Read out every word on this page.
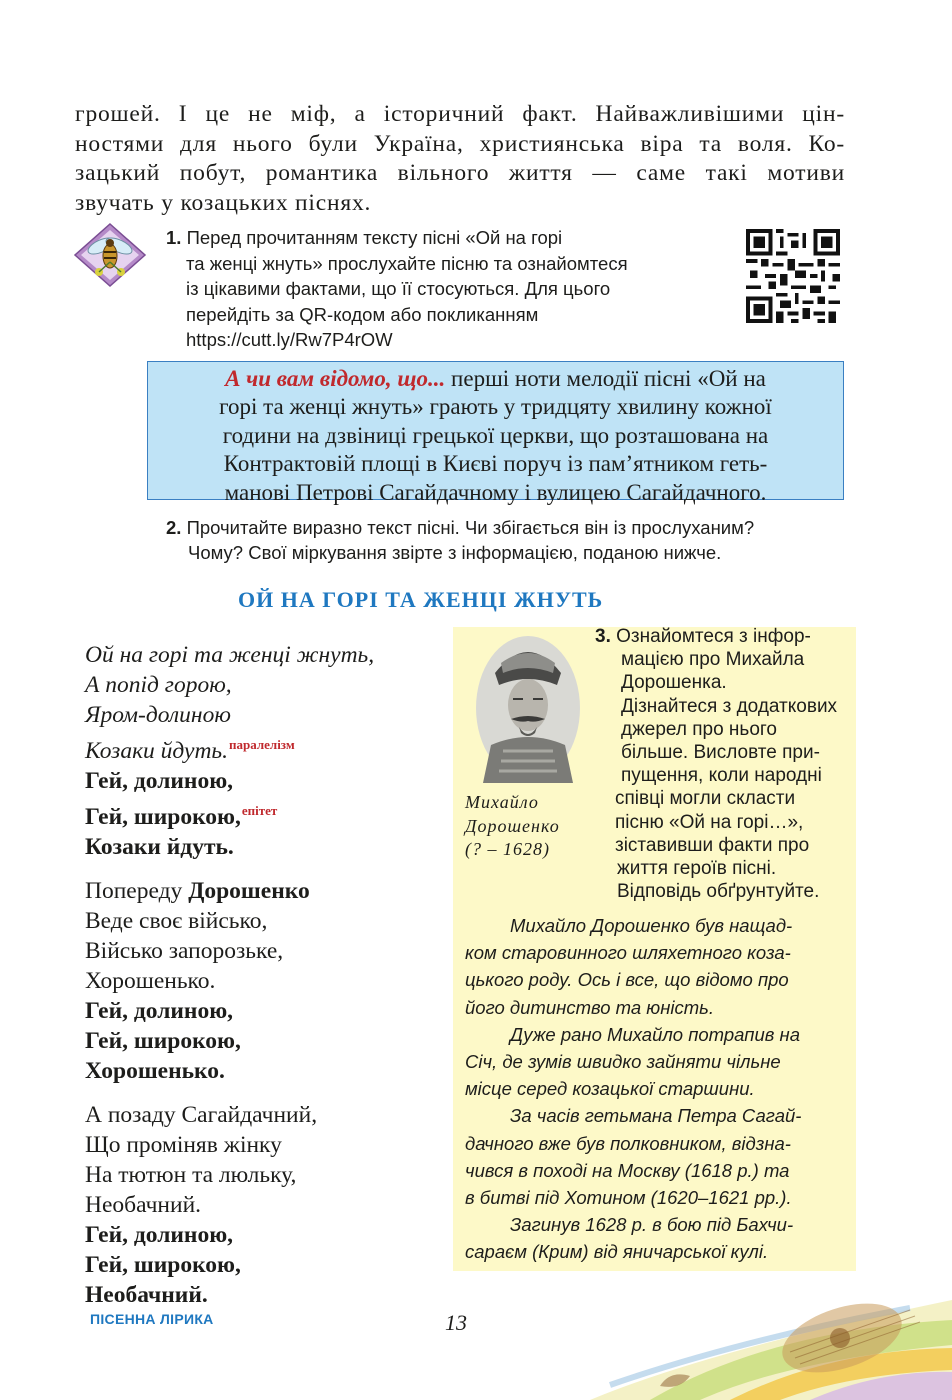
грошей. І це не міф, а історичний факт. Найважливішими цін-
ностями для нього були Україна, християнська віра та воля. Ко-
зацький побут, романтика вільного життя — саме такі мотиви
звучать у козацьких піснях.
1. Перед прочитанням тексту пісні «Ой на горі
та женці жнуть» прослухайте пісню та ознайомтеся
із цікавими фактами, що її стосуються. Для цього
перейдіть за QR-кодом або покликанням
https://cutt.ly/Rw7P4rOW
А чи вам відомо, що... перші ноти мелодії пісні «Ой на
горі та женці жнуть» грають у тридцяту хвилину кожної
години на дзвіниці грецької церкви, що розташована на
Контрактовій площі в Києві поруч із пам’ятником геть-
манові Петрові Сагайдачному і вулицею Сагайдачного.
2. Прочитайте виразно текст пісні. Чи збігається він із прослуханим?
Чому? Свої міркування звірте з інформацією, поданою нижче.
ОЙ НА ГОРІ ТА ЖЕНЦІ ЖНУТЬ
Ой на горі та женці жнуть,
А попід горою,
Яром-долиною
Козаки йдуть.$^{паралелізм}$
Гей, долиною,
Гей, широкою,$^{епітет}$
Козаки йдуть.
Попереду Дорошенко
Веде своє військо,
Військо запорозьке,
Хорошенько.
Гей, долиною,
Гей, широкою,
Хорошенько.
А позаду Сагайдачний,
Що проміняв жінку
На тютюн та люльку,
Необачний.
Гей, долиною,
Гей, широкою,
Необачний.
Михайло
Дорошенко
(? – 1628)
3. Ознайомтеся з інфор-
мацією про Михайла
Дорошенка.
Дізнайтеся з додаткових
джерел про нього
більше. Висловте при-
пущення, коли народні
співці могли скласти
пісню «Ой на горі…»,
зіставивши факти про
життя героїв пісні.
Відповідь обґрунтуйте.
Михайло Дорошенко був нащад-
ком старовинного шляхетного коза-
цького роду. Ось і все, що відомо про
його дитинство та юність.
Дуже рано Михайло потрапив на
Січ, де зумів швидко зайняти чільне
місце серед козацької старшини.
За часів гетьмана Петра Сагай-
дачного вже був полковником, відзна-
чився в поході на Москву (1618 р.) та
в битві під Хотином (1620–1621 рр.).
Загинув 1628 р. в бою під Бахчи-
сараєм (Крим) від яничарської кулі.
ПІСЕННА ЛІРИКА	13
